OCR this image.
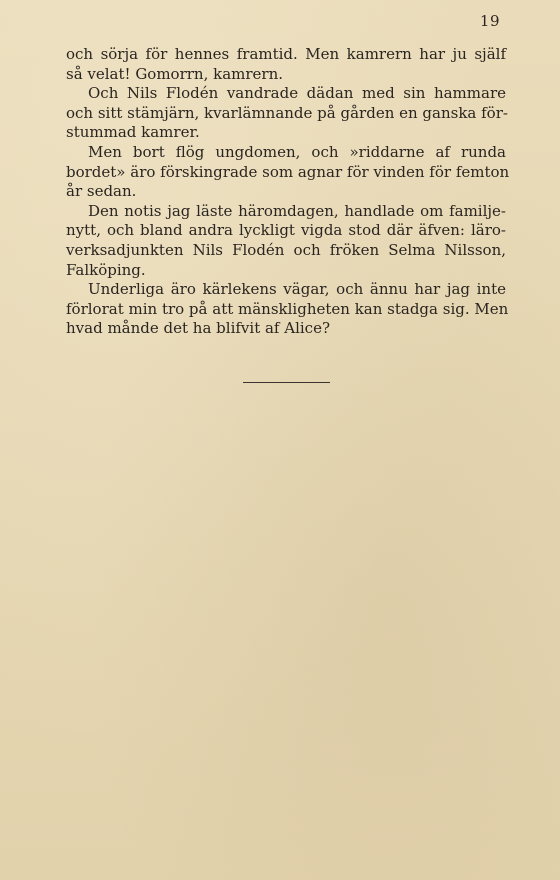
19
och sörja för hennes framtid. Men kamrern har ju själf
så velat! Gomorrn, kamrern.
Och Nils Flodén vandrade dädan med sin hammare
och sitt stämjärn, kvarlämnande på gården en ganska för-
stummad kamrer.
Men bort flög ungdomen, och »riddarne af runda
bordet» äro förskingrade som agnar för vinden för femton
år sedan.
Den notis jag läste häromdagen, handlade om familje-
nytt, och bland andra lyckligt vigda stod där äfven: läro-
verksadjunkten Nils Flodén och fröken Selma Nilsson,
Falköping.
Underliga äro kärlekens vägar, och ännu har jag inte
förlorat min tro på att mänskligheten kan stadga sig. Men
hvad månde det ha blifvit af Alice?
